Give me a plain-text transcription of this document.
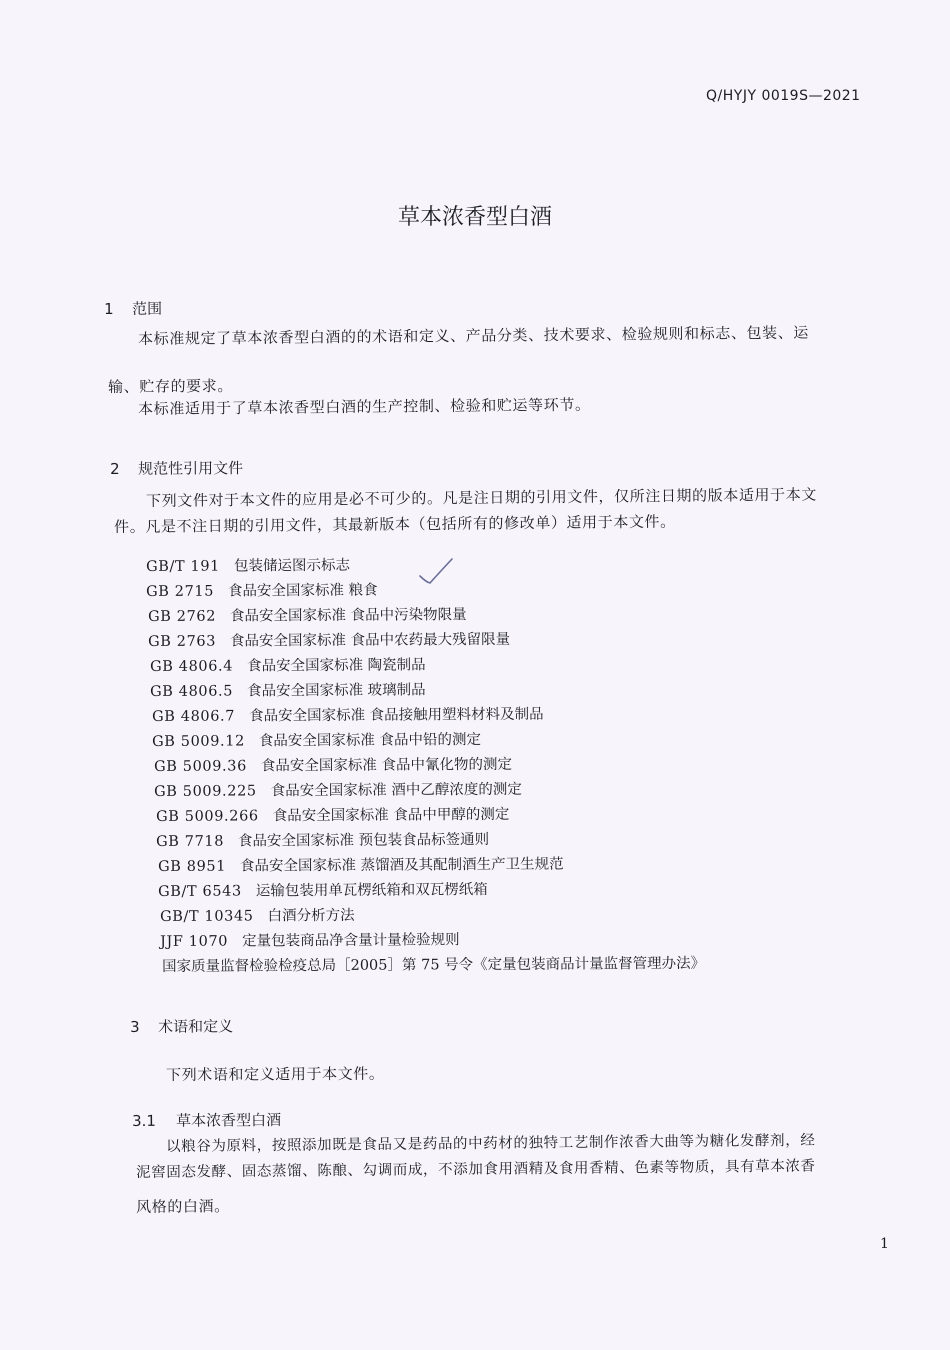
Q/HYJY 0019S—2021
草本浓香型白酒
1 范围
本标准规定了草本浓香型白酒的的术语和定义、产品分类、技术要求、检验规则和标志、包装、运
输、贮存的要求。
本标准适用于了草本浓香型白酒的生产控制、检验和贮运等环节。
2 规范性引用文件
下列文件对于本文件的应用是必不可少的。凡是注日期的引用文件，仅所注日期的版本适用于本文
件。凡是不注日期的引用文件，其最新版本（包括所有的修改单）适用于本文件。
GB/T 191 包装储运图示标志
GB 2715 食品安全国家标准 粮食
GB 2762 食品安全国家标准 食品中污染物限量
GB 2763 食品安全国家标准 食品中农药最大残留限量
GB 4806.4 食品安全国家标准 陶瓷制品
GB 4806.5 食品安全国家标准 玻璃制品
GB 4806.7 食品安全国家标准 食品接触用塑料材料及制品
GB 5009.12 食品安全国家标准 食品中铅的测定
GB 5009.36 食品安全国家标准 食品中氰化物的测定
GB 5009.225 食品安全国家标准 酒中乙醇浓度的测定
GB 5009.266 食品安全国家标准 食品中甲醇的测定
GB 7718 食品安全国家标准 预包装食品标签通则
GB 8951 食品安全国家标准 蒸馏酒及其配制酒生产卫生规范
GB/T 6543 运输包装用单瓦楞纸箱和双瓦楞纸箱
GB/T 10345 白酒分析方法
JJF 1070 定量包装商品净含量计量检验规则
国家质量监督检验检疫总局［2005］第 75 号令《定量包装商品计量监督管理办法》
3 术语和定义
下列术语和定义适用于本文件。
3.1 草本浓香型白酒
以粮谷为原料，按照添加既是食品又是药品的中药材的独特工艺制作浓香大曲等为糖化发酵剂，经
泥窖固态发酵、固态蒸馏、陈酿、勾调而成，不添加食用酒精及食用香精、色素等物质，具有草本浓香
风格的白酒。
1
